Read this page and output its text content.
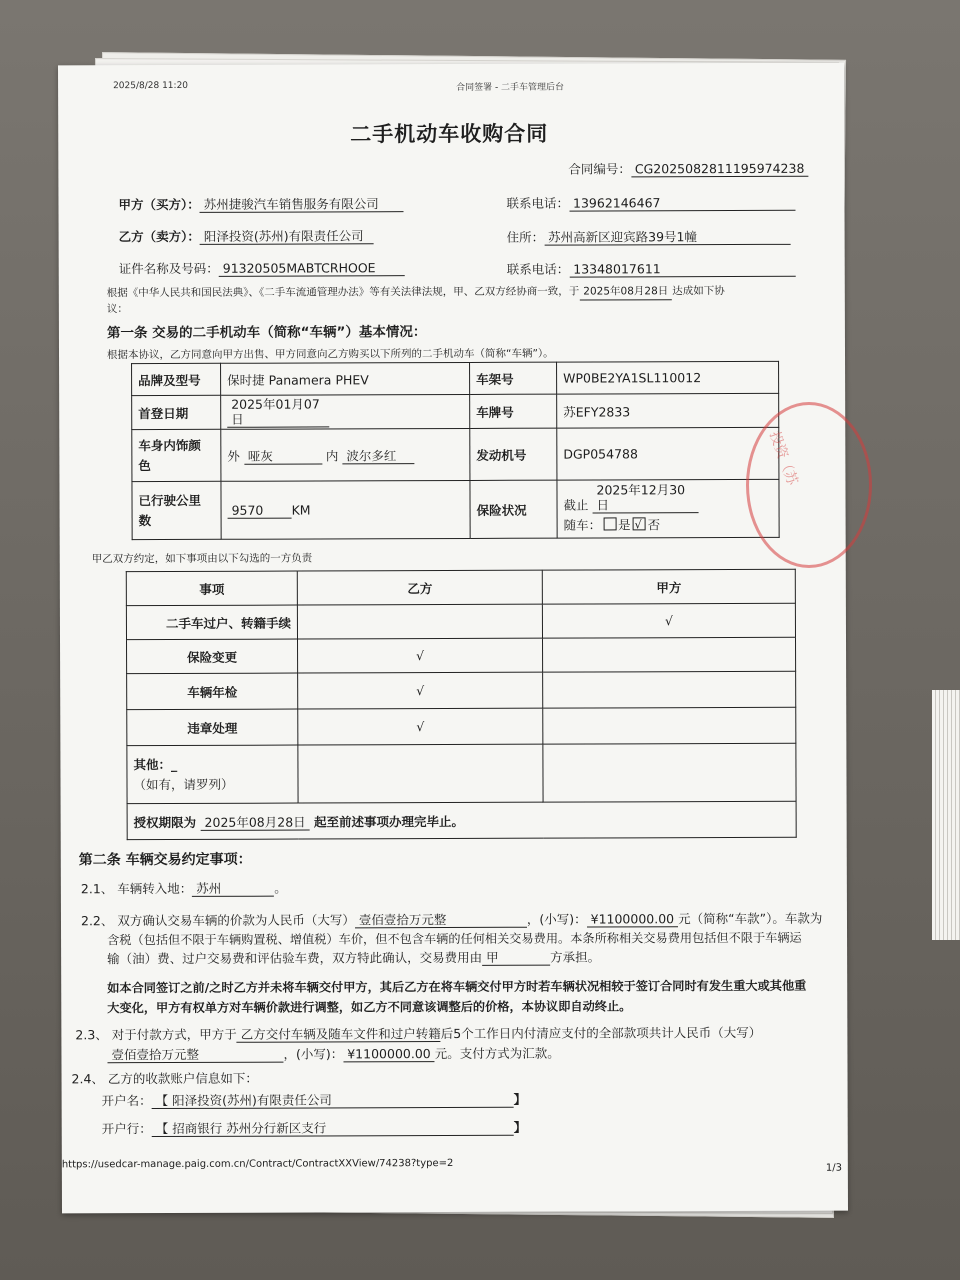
2025/8/28 11:20	合同签署 - 二手车管理后台
二手机动车收购合同
合同编号： CG2025082811195974238
甲方（买方）： 苏州捷骏汽车销售服务有限公司	联系电话： 13962146467
乙方（卖方）： 阳泽投资(苏州)有限责任公司	住所： 苏州高新区迎宾路39号1幢
证件名称及号码： 91320505MABTCRHOOE	联系电话： 13348017611
根据《中华人民共和国民法典》、《二手车流通管理办法》等有关法律法规，甲、乙双方经协商一致，于 2025年08月28日 达成如下协
议：
第一条 交易的二手机动车（简称“车辆”）基本情况：
根据本协议，乙方同意向甲方出售、甲方同意向乙方购买以下所列的二手机动车（简称“车辆”）。
品牌及型号	保时捷 Panamera PHEV	车架号	WP0BE2YA1SL110012
首登日期	2025年01月07日	车牌号	苏EFY2833
车身内饰颜
色	外 哑灰 内 波尔多红	发动机号	DGP054788
已行驶公里
数	9570 KM	保险状况	截止 2025年12月30日
随车： 是 √ 否
甲乙双方约定，如下事项由以下勾选的一方负责
事项	乙方	甲方
二手车过户、转籍手续		√
保险变更	√	
车辆年检	√	
违章处理	√	
其他：_
（如有，请罗列）		
授权期限为 2025年08月28日 起至前述事项办理完毕止。		
第二条 车辆交易约定事项：
2.1、 车辆转入地： 苏州	。
2.2、 双方确认交易车辆的价款为人民币（大写） 壹佰壹拾万元整	，(小写)： ¥1100000.00 元（简称“车款”）。车款为
含税（包括但不限于车辆购置税、增值税）车价，但不包含车辆的任何相关交易费用。本条所称相关交易费用包括但不限于车辆运
输（油）费、过户交易费和评估验车费，双方特此确认，交易费用由 甲	方承担。
如本合同签订之前/之时乙方并未将车辆交付甲方，其后乙方在将车辆交付甲方时若车辆状况相较于签订合同时有发生重大或其他重
大变化，甲方有权单方对车辆价款进行调整，如乙方不同意该调整后的价格，本协议即自动终止。
2.3、 对于付款方式，甲方于 乙方交付车辆及随车文件和过户转籍后5个工作日内付清应支付的全部款项共计人民币（大写）
壹佰壹拾万元整	，(小写)： ¥1100000.00 元。支付方式为汇款。
2.4、 乙方的收款账户信息如下：
开户名： 【 阳泽投资(苏州)有限责任公司	】
开户行： 【 招商银行 苏州分行新区支行	】
https://usedcar-manage.paig.com.cn/Contract/ContractXXView/74238?type=2	1/3
投资（苏
